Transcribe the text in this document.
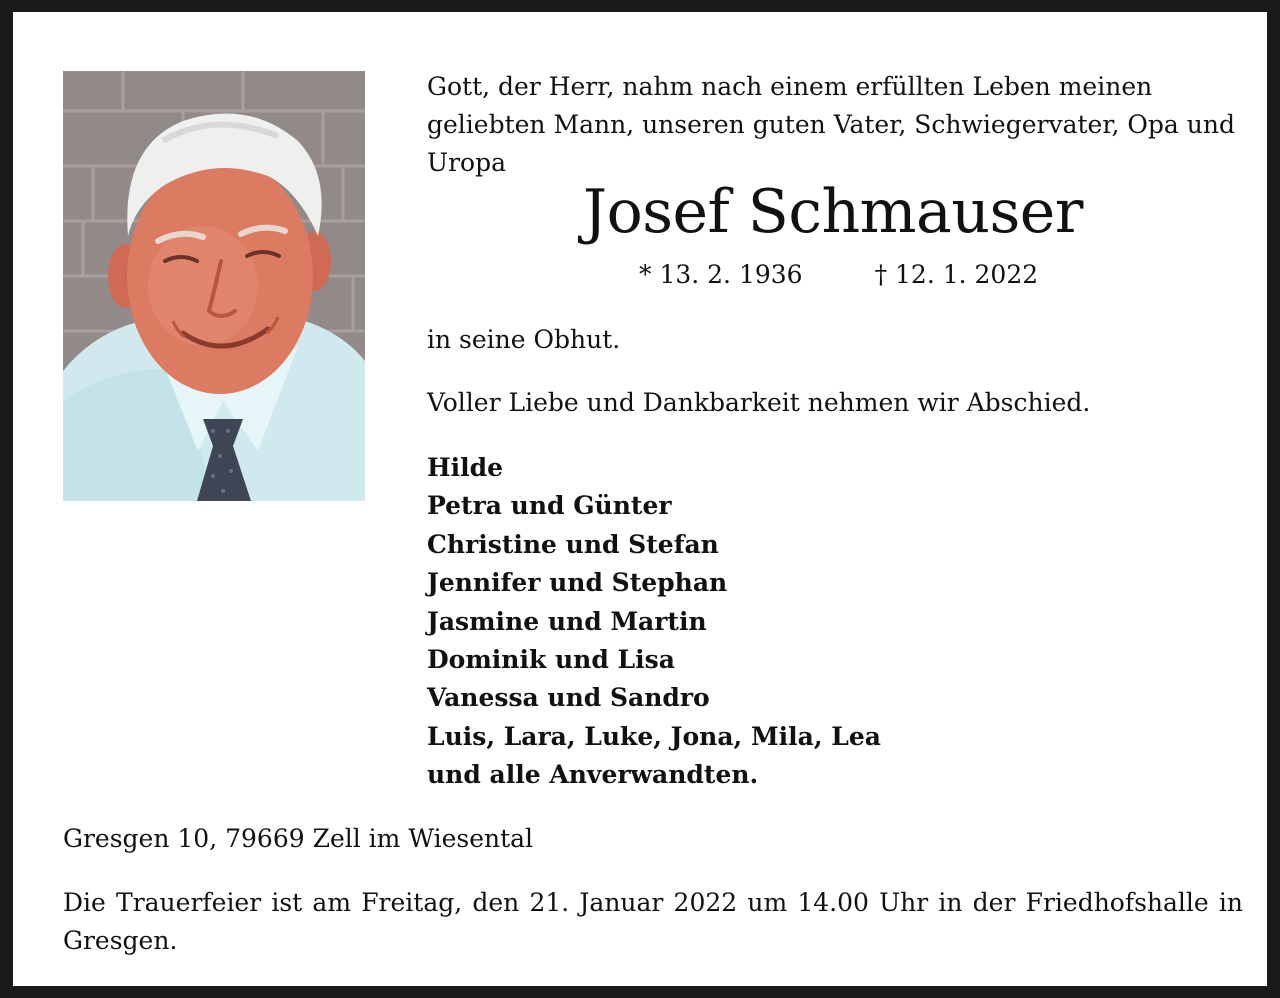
Gott, der Herr, nahm nach einem erfüllten Leben meinen geliebten Mann, unseren guten Vater, Schwiegervater, Opa und Uropa
Josef Schmauser
* 13. 2. 1936	† 12. 1. 2022
in seine Obhut.
Voller Liebe und Dankbarkeit nehmen wir Abschied.
Hilde
Petra und Günter
Christine und Stefan
Jennifer und Stephan
Jasmine und Martin
Dominik und Lisa
Vanessa und Sandro
Luis, Lara, Luke, Jona, Mila, Lea
und alle Anverwandten.
Gresgen 10, 79669 Zell im Wiesental
Die Trauerfeier ist am Freitag, den 21. Januar 2022 um 14.00 Uhr in der Friedhofshalle in Gresgen.
